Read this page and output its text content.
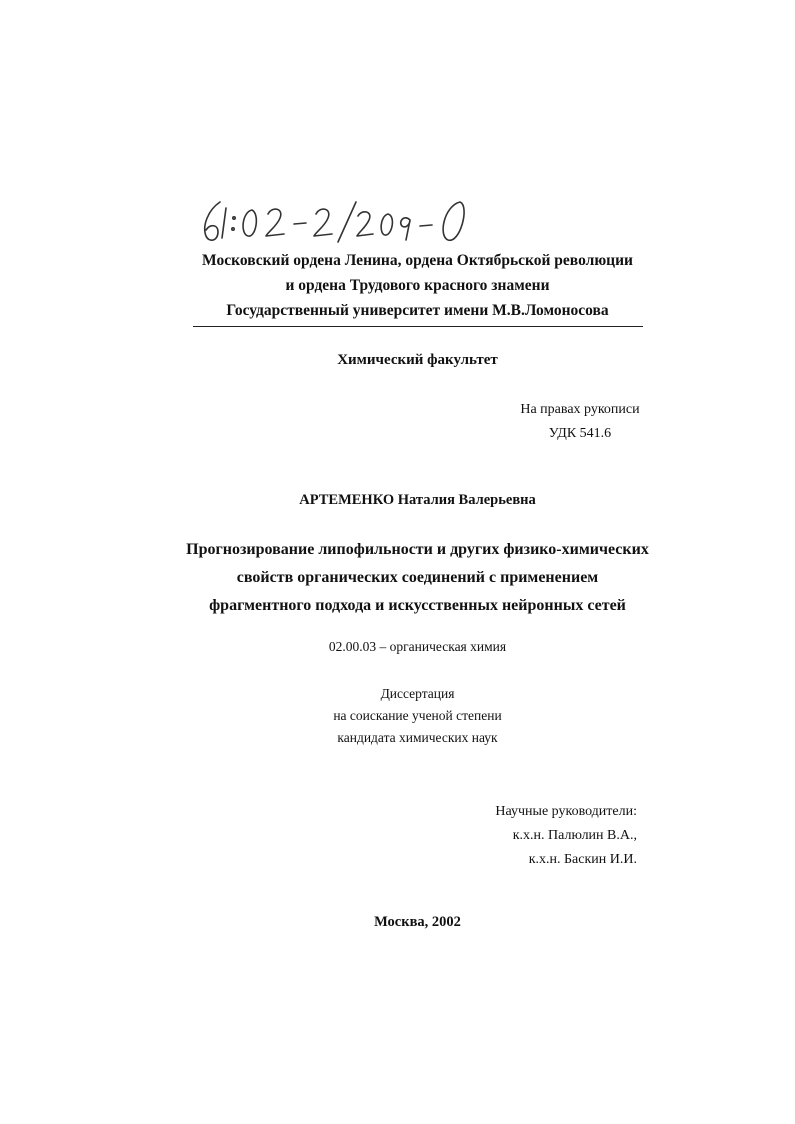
Московский ордена Ленина, ордена Октябрьской революции
и ордена Трудового красного знамени
Государственный университет имени М.В.Ломоносова
Химический факультет
На правах рукописи
УДК 541.6
АРТЕМЕНКО Наталия Валерьевна
Прогнозирование липофильности и других физико-химических
свойств органических соединений с применением
фрагментного подхода и искусственных нейронных сетей
02.00.03 – органическая химия
Диссертация
на соискание ученой степени
кандидата химических наук
Научные руководители:
к.х.н. Палюлин В.А.,
к.х.н. Баскин И.И.
Москва, 2002
